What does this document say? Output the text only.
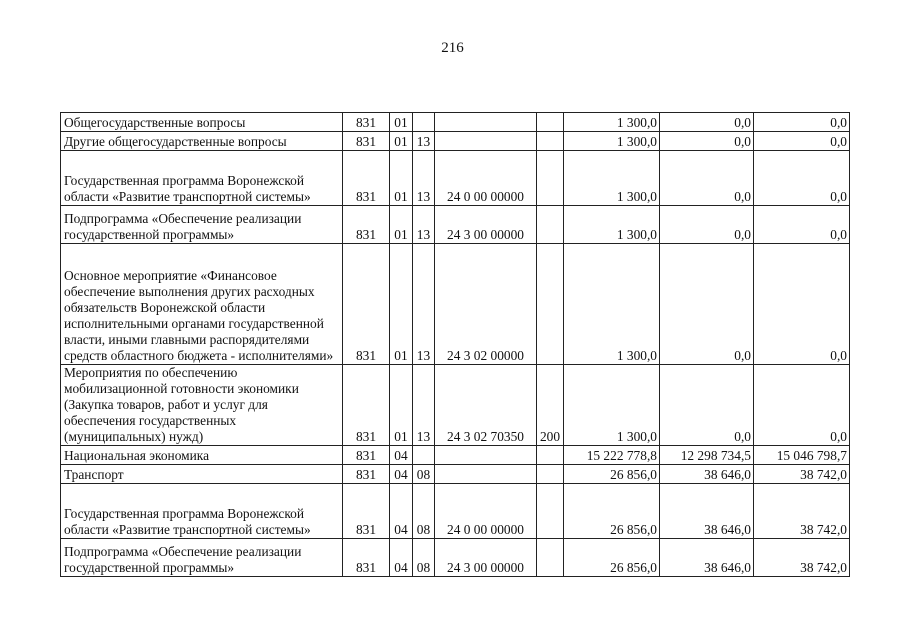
216
Общегосударственные вопросы	831	01				1 300,0	0,0	0,0
Другие общегосударственные вопросы	831	01	13			1 300,0	0,0	0,0
Государственная программа Воронежской области «Развитие транспортной системы»	831	01	13	24 0 00 00000		1 300,0	0,0	0,0
Подпрограмма «Обеспечение реализации государственной программы»	831	01	13	24 3 00 00000		1 300,0	0,0	0,0
Основное мероприятие «Финансовое обеспечение выполнения других расходных обязательств Воронежской области исполнительными органами государственной власти, иными главными распорядителями средств областного бюджета - исполнителями»	831	01	13	24 3 02 00000		1 300,0	0,0	0,0
Мероприятия по обеспечению мобилизационной готовности экономики (Закупка товаров, работ и услуг для обеспечения государственных (муниципальных) нужд)	831	01	13	24 3 02 70350	200	1 300,0	0,0	0,0
Национальная экономика	831	04				15 222 778,8	12 298 734,5	15 046 798,7
Транспорт	831	04	08			26 856,0	38 646,0	38 742,0
Государственная программа Воронежской области «Развитие транспортной системы»	831	04	08	24 0 00 00000		26 856,0	38 646,0	38 742,0
Подпрограмма «Обеспечение реализации государственной программы»	831	04	08	24 3 00 00000		26 856,0	38 646,0	38 742,0
